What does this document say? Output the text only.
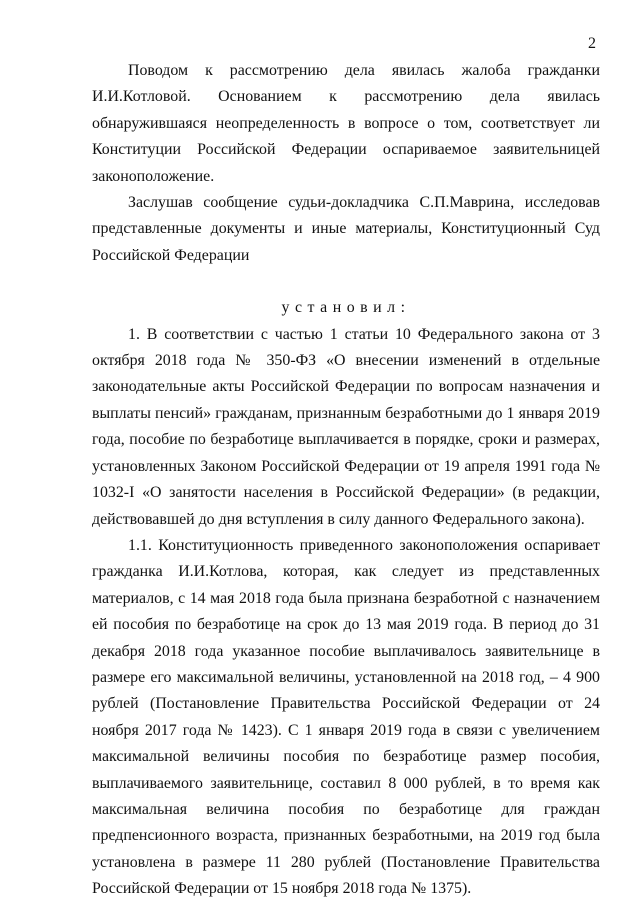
2

Поводом к рассмотрению дела явилась жалоба гражданки И.И.Котловой. Основанием к рассмотрению дела явилась обнаружившаяся неопределенность в вопросе о том, соответствует ли Конституции Российской Федерации оспариваемое заявительницей законоположение.

Заслушав сообщение судьи-докладчика С.П.Маврина, исследовав представленные документы и иные материалы, Конституционный Суд Российской Федерации

установил:

1. В соответствии с частью 1 статьи 10 Федерального закона от 3 октября 2018 года № 350-ФЗ «О внесении изменений в отдельные законодательные акты Российской Федерации по вопросам назначения и выплаты пенсий» гражданам, признанным безработными до 1 января 2019 года, пособие по безработице выплачивается в порядке, сроки и размерах, установленных Законом Российской Федерации от 19 апреля 1991 года № 1032-I «О занятости населения в Российской Федерации» (в редакции, действовавшей до дня вступления в силу данного Федерального закона).

1.1. Конституционность приведенного законоположения оспаривает гражданка И.И.Котлова, которая, как следует из представленных материалов, с 14 мая 2018 года была признана безработной с назначением ей пособия по безработице на срок до 13 мая 2019 года. В период до 31 декабря 2018 года указанное пособие выплачивалось заявительнице в размере его максимальной величины, установленной на 2018 год, – 4 900 рублей (Постановление Правительства Российской Федерации от 24 ноября 2017 года № 1423). С 1 января 2019 года в связи с увеличением максимальной величины пособия по безработице размер пособия, выплачиваемого заявительнице, составил 8 000 рублей, в то время как максимальная величина пособия по безработице для граждан предпенсионного возраста, признанных безработными, на 2019 год была установлена в размере 11 280 рублей (Постановление Правительства Российской Федерации от 15 ноября 2018 года № 1375).
